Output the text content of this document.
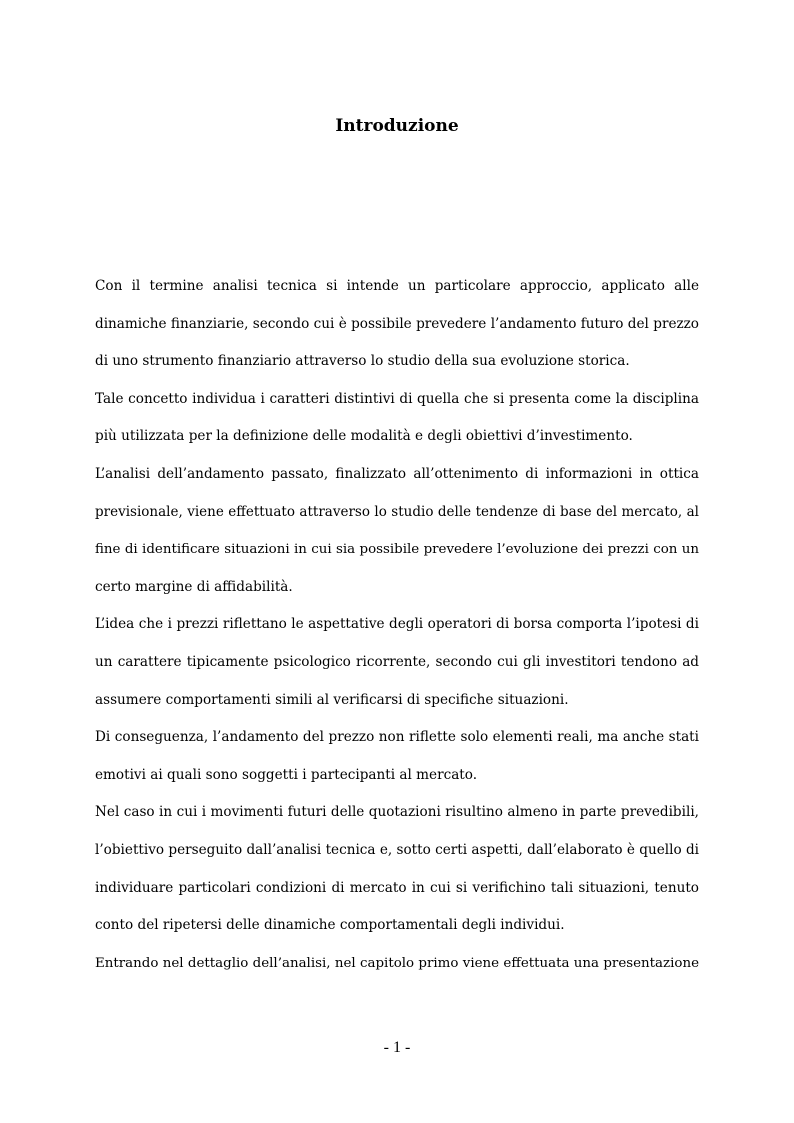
Introduzione
Con il termine analisi tecnica si intende un particolare approccio, applicato alle
dinamiche finanziarie, secondo cui è possibile prevedere l’andamento futuro del prezzo
di uno strumento finanziario attraverso lo studio della sua evoluzione storica.
Tale concetto individua i caratteri distintivi di quella che si presenta come la disciplina
più utilizzata per la definizione delle modalità e degli obiettivi d’investimento.
L’analisi dell’andamento passato, finalizzato all’ottenimento di informazioni in ottica
previsionale, viene effettuato attraverso lo studio delle tendenze di base del mercato, al
fine di identificare situazioni in cui sia possibile prevedere l’evoluzione dei prezzi con un
certo margine di affidabilità.
L’idea che i prezzi riflettano le aspettative degli operatori di borsa comporta l’ipotesi di
un carattere tipicamente psicologico ricorrente, secondo cui gli investitori tendono ad
assumere comportamenti simili al verificarsi di specifiche situazioni.
Di conseguenza, l’andamento del prezzo non riflette solo elementi reali, ma anche stati
emotivi ai quali sono soggetti i partecipanti al mercato.
Nel caso in cui i movimenti futuri delle quotazioni risultino almeno in parte prevedibili,
l’obiettivo perseguito dall’analisi tecnica e, sotto certi aspetti, dall’elaborato è quello di
individuare particolari condizioni di mercato in cui si verifichino tali situazioni, tenuto
conto del ripetersi delle dinamiche comportamentali degli individui.
Entrando nel dettaglio dell’analisi, nel capitolo primo viene effettuata una presentazione
- 1 -
